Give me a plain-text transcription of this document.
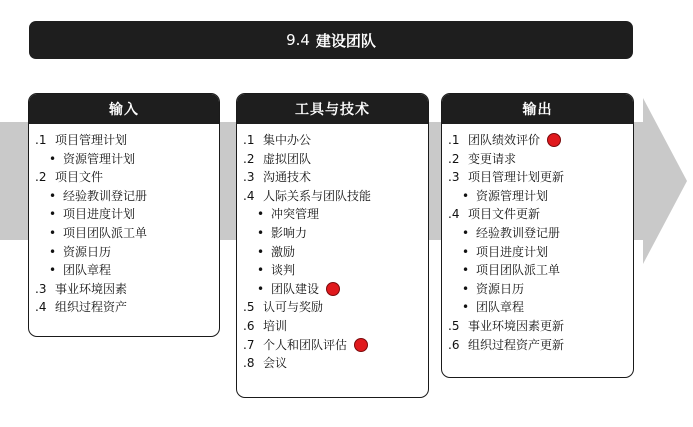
9.4 建设团队
输入
.1 项目管理计划
• 资源管理计划
.2 项目文件
• 经验教训登记册
• 项目进度计划
• 项目团队派工单
• 资源日历
• 团队章程
.3 事业环境因素
.4 组织过程资产
工具与技术
.1 集中办公
.2 虚拟团队
.3 沟通技术
.4 人际关系与团队技能
• 冲突管理
• 影响力
• 激励
• 谈判
• 团队建设
.5 认可与奖励
.6 培训
.7 个人和团队评估
.8 会议
输出
.1 团队绩效评价
.2 变更请求
.3 项目管理计划更新
• 资源管理计划
.4 项目文件更新
• 经验教训登记册
• 项目进度计划
• 项目团队派工单
• 资源日历
• 团队章程
.5 事业环境因素更新
.6 组织过程资产更新
